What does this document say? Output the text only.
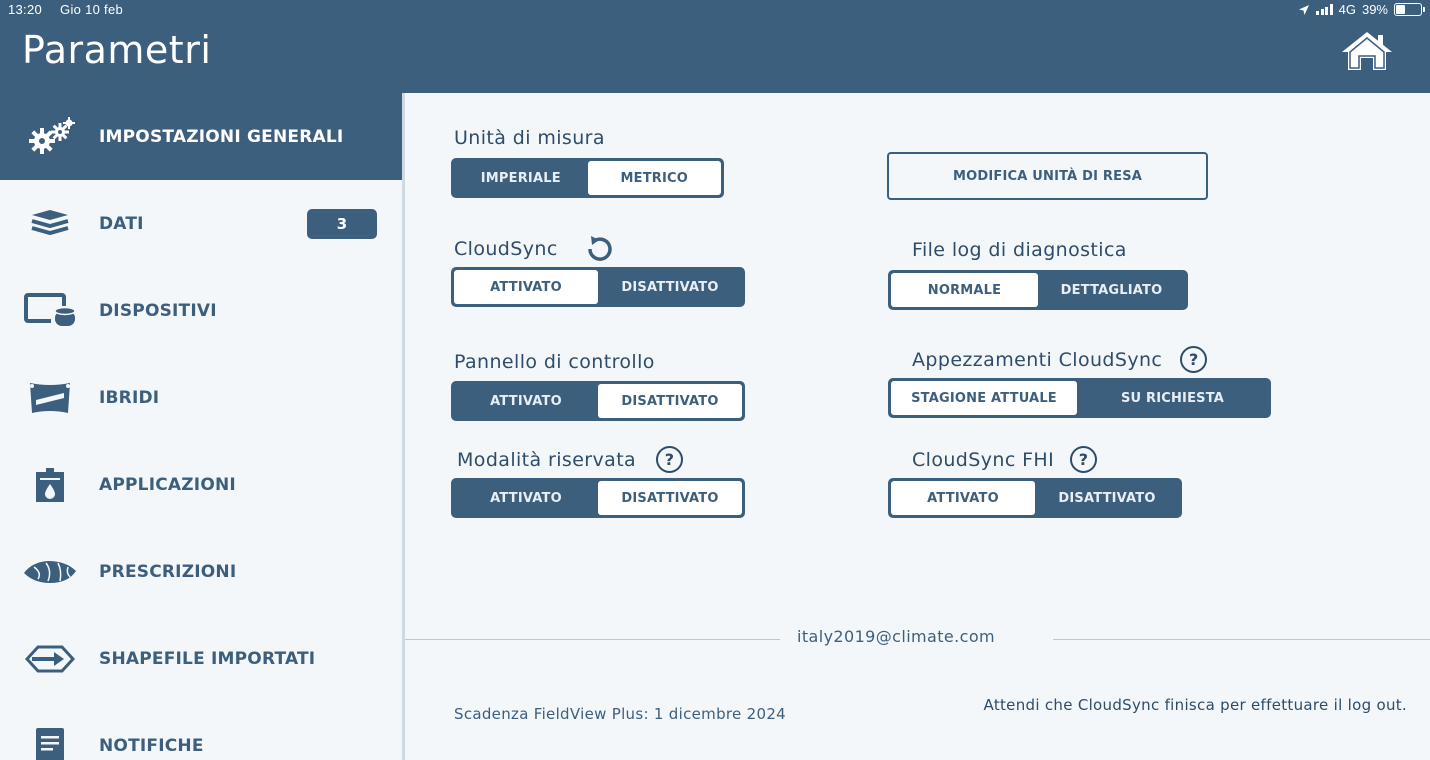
13:20 Gio 10 feb	4G 39%
Parametri
IMPOSTAZIONI GENERALI
DATI	3
DISPOSITIVI
IBRIDI
APPLICAZIONI
PRESCRIZIONI
SHAPEFILE IMPORTATI
NOTIFICHE
Unità di misura
IMPERIALE	METRICO	MODIFICA UNITÀ DI RESA
CloudSync
ATTIVATO	DISATTIVATO
File log di diagnostica
NORMALE	DETTAGLIATO
Pannello di controllo
ATTIVATO	DISATTIVATO
Appezzamenti CloudSync	?
STAGIONE ATTUALE	SU RICHIESTA
Modalità riservata	?
ATTIVATO	DISATTIVATO
CloudSync FHI	?
ATTIVATO	DISATTIVATO
italy2019@climate.com
Scadenza FieldView Plus: 1 dicembre 2024	Attendi che CloudSync finisca per effettuare il log out.
